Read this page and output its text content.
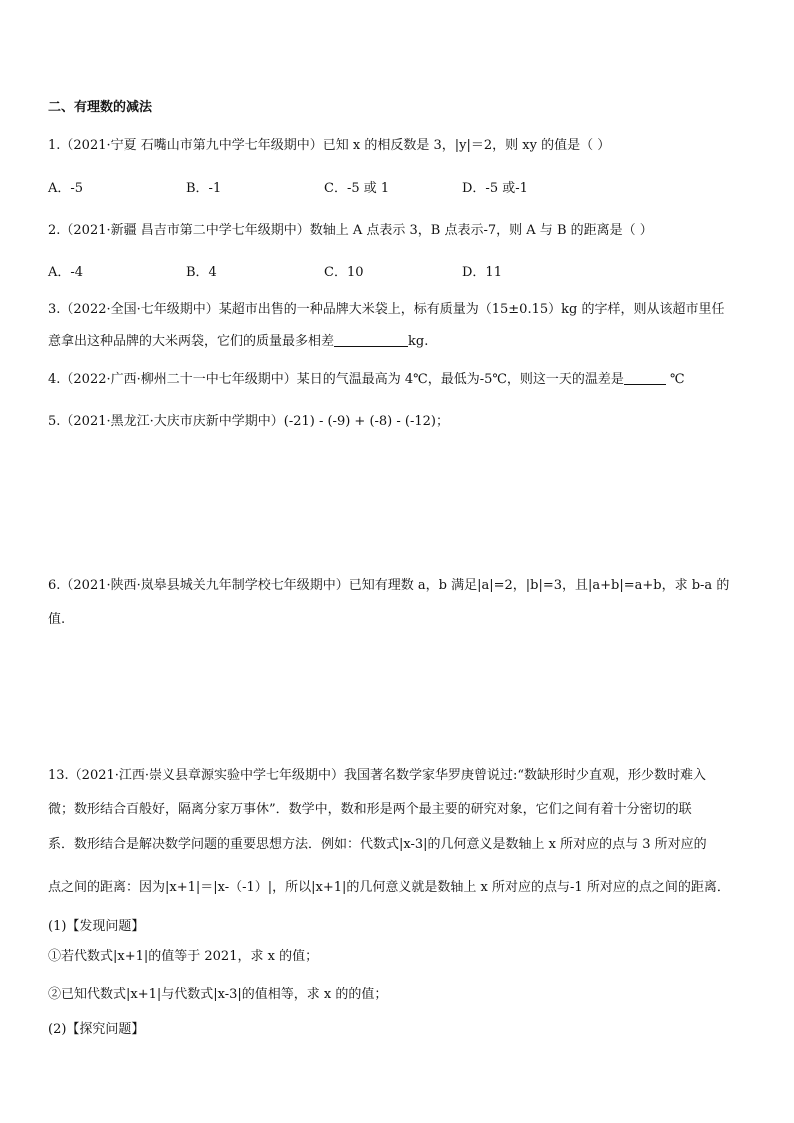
二、有理数的减法
1.（2021·宁夏 石嘴山市第九中学七年级期中）已知 x 的相反数是 3，|y|＝2，则 xy 的值是（ ）
A．-5	B．-1	C．-5 或 1	D．-5 或-1
2.（2021·新疆 昌吉市第二中学七年级期中）数轴上 A 点表示 3，B 点表示-7，则 A 与 B 的距离是（ ）
A．-4	B．4	C．10	D．11
3.（2022·全国·七年级期中）某超市出售的一种品牌大米袋上，标有质量为（15±0.15）kg 的字样，则从该超市里任
意拿出这种品牌的大米两袋，它们的质量最多相差	kg.
4.（2022·广西·柳州二十一中七年级期中）某日的气温最高为 4℃，最低为-5℃，则这一天的温差是	℃
5.（2021·黑龙江·大庆市庆新中学期中）(-21) - (-9) + (-8) - (-12)；
6.（2021·陕西·岚皋县城关九年制学校七年级期中）已知有理数 a，b 满足|a|=2，|b|=3，且|a+b|=a+b，求 b-a 的
值.
13.（2021·江西·崇义县章源实验中学七年级期中）我国著名数学家华罗庚曾说过:“数缺形时少直观，形少数时难入
微；数形结合百般好，隔离分家万事休”．数学中，数和形是两个最主要的研究对象，它们之间有着十分密切的联
系．数形结合是解决数学问题的重要思想方法．例如：代数式|x-3|的几何意义是数轴上 x 所对应的点与 3 所对应的
点之间的距离：因为|x+1|＝|x-（-1）|，所以|x+1|的几何意义就是数轴上 x 所对应的点与-1 所对应的点之间的距离．
(1)【发现问题】
①若代数式|x+1|的值等于 2021，求 x 的值；
②已知代数式|x+1|与代数式|x-3|的值相等，求 x 的的值；
(2)【探究问题】
